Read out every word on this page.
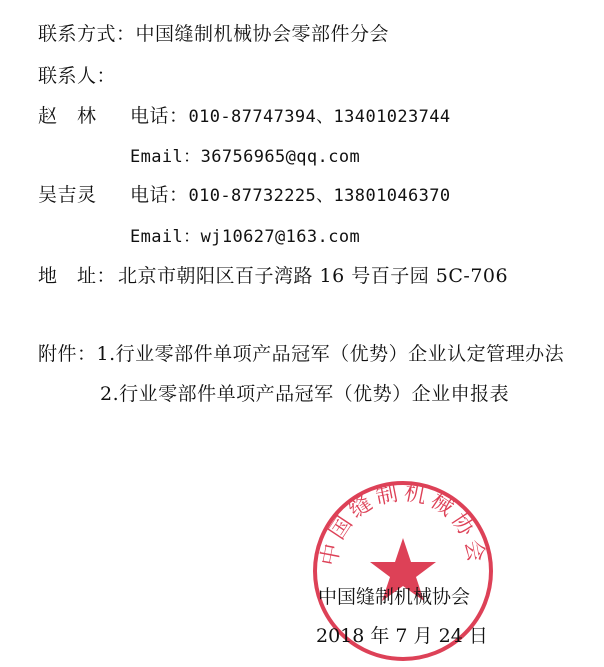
联系方式：中国缝制机械协会零部件分会
联系人：
赵　林 电话：010-87747394、13401023744
Email：36756965@qq.com
吴吉灵 电话：010-87732225、13801046370
Email：wj10627@163.com
地　址： 北京市朝阳区百子湾路 16 号百子园 5C-706
附件：1.行业零部件单项产品冠军（优势）企业认定管理办法
2.行业零部件单项产品冠军（优势）企业申报表
中国缝制机械协会
中国缝制机械协会
2018 年 7 月 24 日
